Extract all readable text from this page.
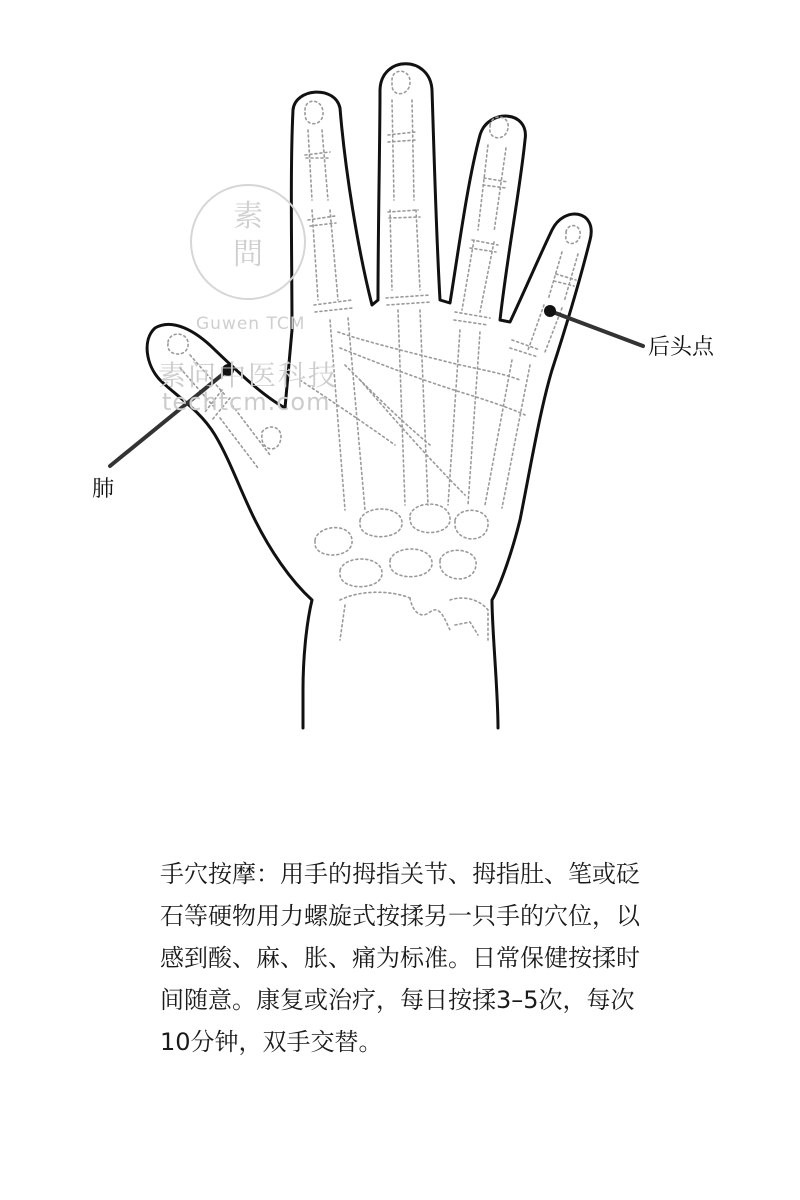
素
問
Guwen TCM
素问中医科技
techtcm.com
后头点
肺
手穴按摩：用手的拇指关节、拇指肚、笔或砭石等硬物用力螺旋式按揉另一只手的穴位，以感到酸、麻、胀、痛为标准。日常保健按揉时间随意。康复或治疗，每日按揉3–5次，每次10分钟，双手交替。
